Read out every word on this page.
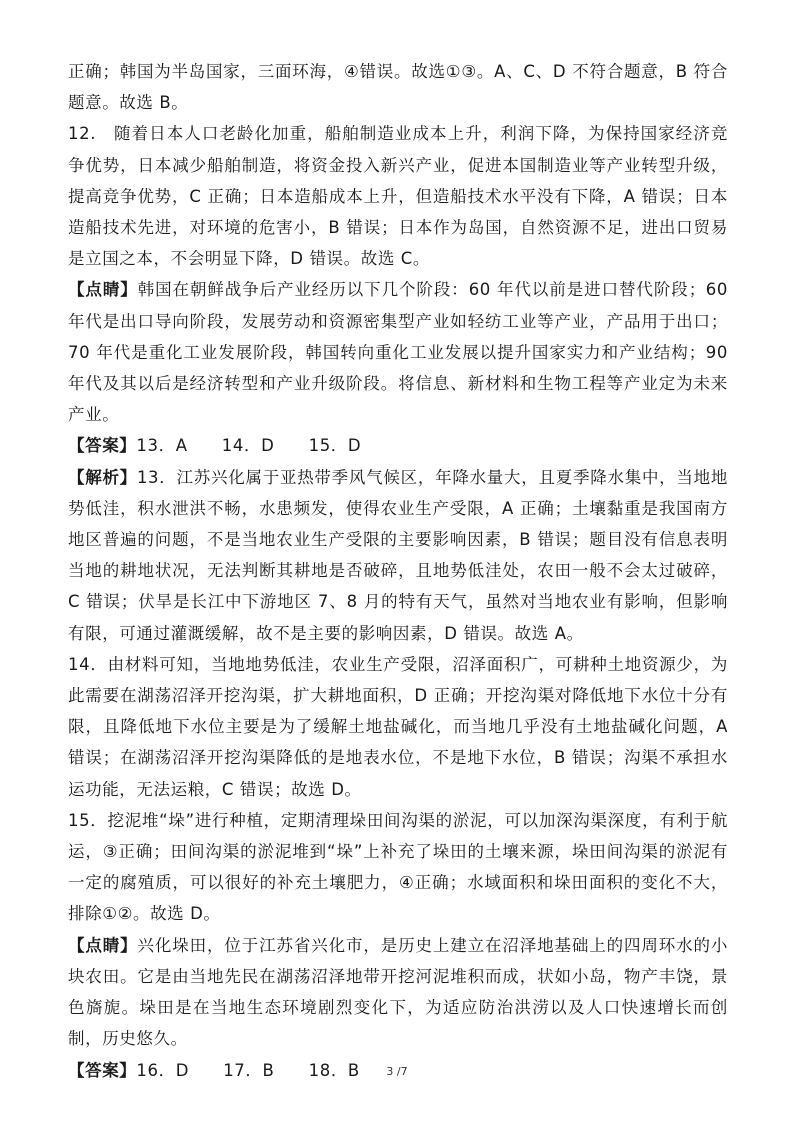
正确；韩国为半岛国家，三面环海，④错误。故选①③。A、C、D 不符合题意，B 符合题意。故选 B。

12.　随着日本人口老龄化加重，船舶制造业成本上升，利润下降，为保持国家经济竞争优势，日本减少船舶制造，将资金投入新兴产业，促进本国制造业等产业转型升级，提高竞争优势，C 正确；日本造船成本上升，但造船技术水平没有下降，A 错误；日本造船技术先进，对环境的危害小，B 错误；日本作为岛国，自然资源不足，进出口贸易是立国之本，不会明显下降，D 错误。故选 C。

【点睛】韩国在朝鲜战争后产业经历以下几个阶段：60 年代以前是进口替代阶段；60 年代是出口导向阶段，发展劳动和资源密集型产业如轻纺工业等产业，产品用于出口；70 年代是重化工业发展阶段，韩国转向重化工业发展以提升国家实力和产业结构；90 年代及其以后是经济转型和产业升级阶段。将信息、新材料和生物工程等产业定为未来产业。

【答案】13．A　　14．D　　15．D

【解析】13．江苏兴化属于亚热带季风气候区，年降水量大，且夏季降水集中，当地地势低洼，积水泄洪不畅，水患频发，使得农业生产受限，A 正确；土壤黏重是我国南方地区普遍的问题，不是当地农业生产受限的主要影响因素，B 错误；题目没有信息表明当地的耕地状况，无法判断其耕地是否破碎，且地势低洼处，农田一般不会太过破碎，C 错误；伏旱是长江中下游地区 7、8 月的特有天气，虽然对当地农业有影响，但影响有限，可通过灌溉缓解，故不是主要的影响因素，D 错误。故选 A。

14．由材料可知，当地地势低洼，农业生产受限，沼泽面积广，可耕种土地资源少，为此需要在湖荡沼泽开挖沟渠，扩大耕地面积，D 正确；开挖沟渠对降低地下水位十分有限，且降低地下水位主要是为了缓解土地盐碱化，而当地几乎没有土地盐碱化问题，A 错误；在湖荡沼泽开挖沟渠降低的是地表水位，不是地下水位，B 错误；沟渠不承担水运功能，无法运粮，C 错误；故选 D。

15．挖泥堆“垛”进行种植，定期清理垛田间沟渠的淤泥，可以加深沟渠深度，有利于航运，③正确；田间沟渠的淤泥堆到“垛”上补充了垛田的土壤来源，垛田间沟渠的淤泥有一定的腐殖质，可以很好的补充土壤肥力，④正确；水域面积和垛田面积的变化不大，排除①②。故选 D。

【点睛】兴化垛田，位于江苏省兴化市，是历史上建立在沼泽地基础上的四周环水的小块农田。它是由当地先民在湖荡沼泽地带开挖河泥堆积而成，状如小岛，物产丰饶，景色旖旎。垛田是在当地生态环境剧烈变化下，为适应防治洪涝以及人口快速增长而创制，历史悠久。

【答案】16．D　　17．B　　18．B	3 /7
